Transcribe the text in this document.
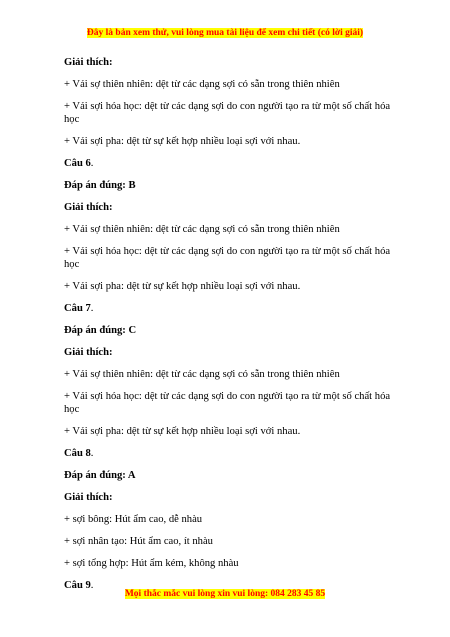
Đây là bản xem thử, vui lòng mua tài liệu để xem chi tiết (có lời giải)

Giải thích:

+ Vải sợ thiên nhiên: dệt từ các dạng sợi có sẵn trong thiên nhiên

+ Vải sợi hóa học: dệt từ các dạng sợi do con người tạo ra từ một số chất hóa học

+ Vải sợi pha: dệt từ sự kết hợp nhiều loại sợi với nhau.

Câu 6.

Đáp án đúng: B

Giải thích:

+ Vải sợ thiên nhiên: dệt từ các dạng sợi có sẵn trong thiên nhiên

+ Vải sợi hóa học: dệt từ các dạng sợi do con người tạo ra từ một số chất hóa học

+ Vải sợi pha: dệt từ sự kết hợp nhiều loại sợi với nhau.

Câu 7.

Đáp án đúng: C

Giải thích:

+ Vải sợ thiên nhiên: dệt từ các dạng sợi có sẵn trong thiên nhiên

+ Vải sợi hóa học: dệt từ các dạng sợi do con người tạo ra từ một số chất hóa học

+ Vải sợi pha: dệt từ sự kết hợp nhiều loại sợi với nhau.

Câu 8.

Đáp án đúng: A

Giải thích:

+ sợi bông: Hút ẩm cao, dễ nhàu

+ sợi nhân tạo: Hút ẩm cao, ít nhàu

+ sợi tổng hợp: Hút ẩm kém, không nhàu

Câu 9.

Mọi thắc mắc vui lòng xin vui lòng: 084 283 45 85
